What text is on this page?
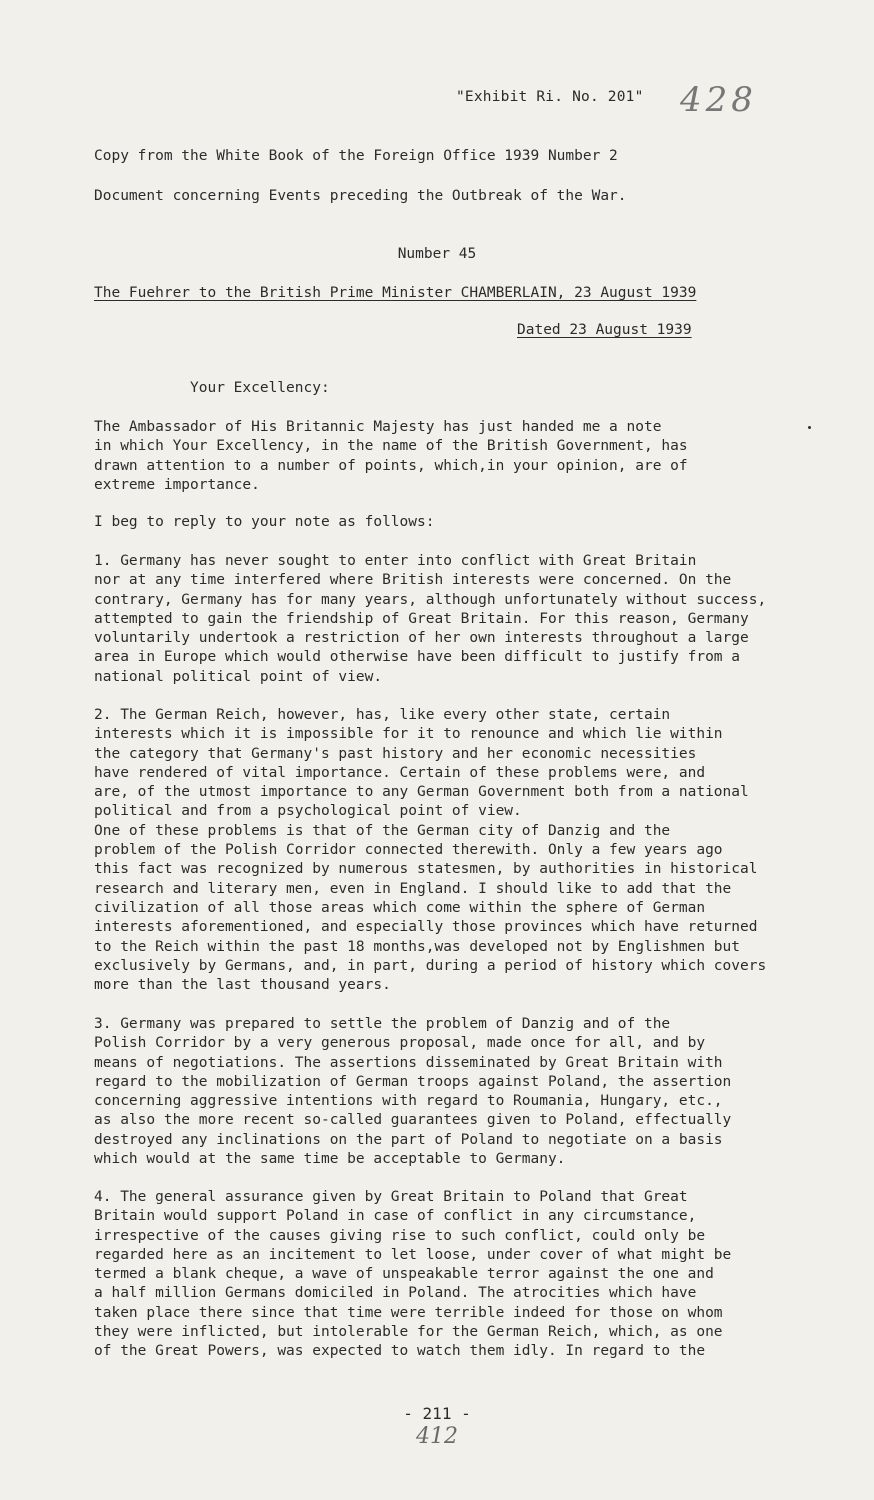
"Exhibit Ri. No. 201" 428
Copy from the White Book of the Foreign Office 1939 Number 2
Document concerning Events preceding the Outbreak of the War.
Number 45
The Fuehrer to the British Prime Minister CHAMBERLAIN, 23 August 1939
Dated 23 August 1939
Your Excellency:
The Ambassador of His Britannic Majesty has just handed me a note
in which Your Excellency, in the name of the British Government, has
drawn attention to a number of points, which,in your opinion, are of
extreme importance.
I beg to reply to your note as follows:
1. Germany has never sought to enter into conflict with Great Britain
nor at any time interfered where British interests were concerned. On the
contrary, Germany has for many years, although unfortunately without success,
attempted to gain the friendship of Great Britain. For this reason, Germany
voluntarily undertook a restriction of her own interests throughout a large
area in Europe which would otherwise have been difficult to justify from a
national political point of view.
2. The German Reich, however, has, like every other state, certain
interests which it is impossible for it to renounce and which lie within
the category that Germany's past history and her economic necessities
have rendered of vital importance. Certain of these problems were, and
are, of the utmost importance to any German Government both from a national
political and from a psychological point of view.
One of these problems is that of the German city of Danzig and the
problem of the Polish Corridor connected therewith. Only a few years ago
this fact was recognized by numerous statesmen, by authorities in historical
research and literary men, even in England. I should like to add that the
civilization of all those areas which come within the sphere of German
interests aforementioned, and especially those provinces which have returned
to the Reich within the past 18 months,was developed not by Englishmen but
exclusively by Germans, and, in part, during a period of history which covers
more than the last thousand years.
3. Germany was prepared to settle the problem of Danzig and of the
Polish Corridor by a very generous proposal, made once for all, and by
means of negotiations. The assertions disseminated by Great Britain with
regard to the mobilization of German troops against Poland, the assertion
concerning aggressive intentions with regard to Roumania, Hungary, etc.,
as also the more recent so-called guarantees given to Poland, effectually
destroyed any inclinations on the part of Poland to negotiate on a basis
which would at the same time be acceptable to Germany.
4. The general assurance given by Great Britain to Poland that Great
Britain would support Poland in case of conflict in any circumstance,
irrespective of the causes giving rise to such conflict, could only be
regarded here as an incitement to let loose, under cover of what might be
termed a blank cheque, a wave of unspeakable terror against the one and
a half million Germans domiciled in Poland. The atrocities which have
taken place there since that time were terrible indeed for those on whom
they were inflicted, but intolerable for the German Reich, which, as one
of the Great Powers, was expected to watch them idly. In regard to the
- 211 -
412
